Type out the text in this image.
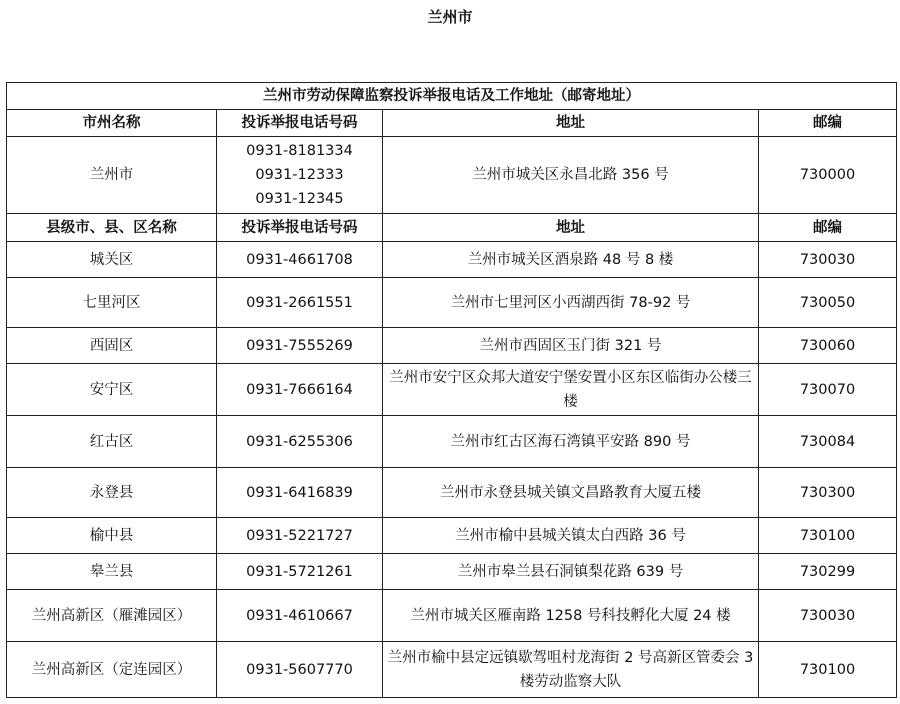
兰州市
兰州市劳动保障监察投诉举报电话及工作地址（邮寄地址）			
市州名称	投诉举报电话号码	地址	邮编
兰州市	0931-8181334
0931-12333
0931-12345	兰州市城关区永昌北路 356 号	730000
县级市、县、区名称	投诉举报电话号码	地址	邮编
城关区	0931-4661708	兰州市城关区酒泉路 48 号 8 楼	730030
七里河区	0931-2661551	兰州市七里河区小西湖西街 78-92 号	730050
西固区	0931-7555269	兰州市西固区玉门街 321 号	730060
安宁区	0931-7666164	兰州市安宁区众邦大道安宁堡安置小区东区临街办公楼三楼	730070
红古区	0931-6255306	兰州市红古区海石湾镇平安路 890 号	730084
永登县	0931-6416839	兰州市永登县城关镇文昌路教育大厦五楼	730300
榆中县	0931-5221727	兰州市榆中县城关镇太白西路 36 号	730100
皋兰县	0931-5721261	兰州市皋兰县石洞镇梨花路 639 号	730299
兰州高新区（雁滩园区）	0931-4610667	兰州市城关区雁南路 1258 号科技孵化大厦 24 楼	730030
兰州高新区（定连园区）	0931-5607770	兰州市榆中县定远镇歇驾咀村龙海街 2 号高新区管委会 3 楼劳动监察大队	730100
